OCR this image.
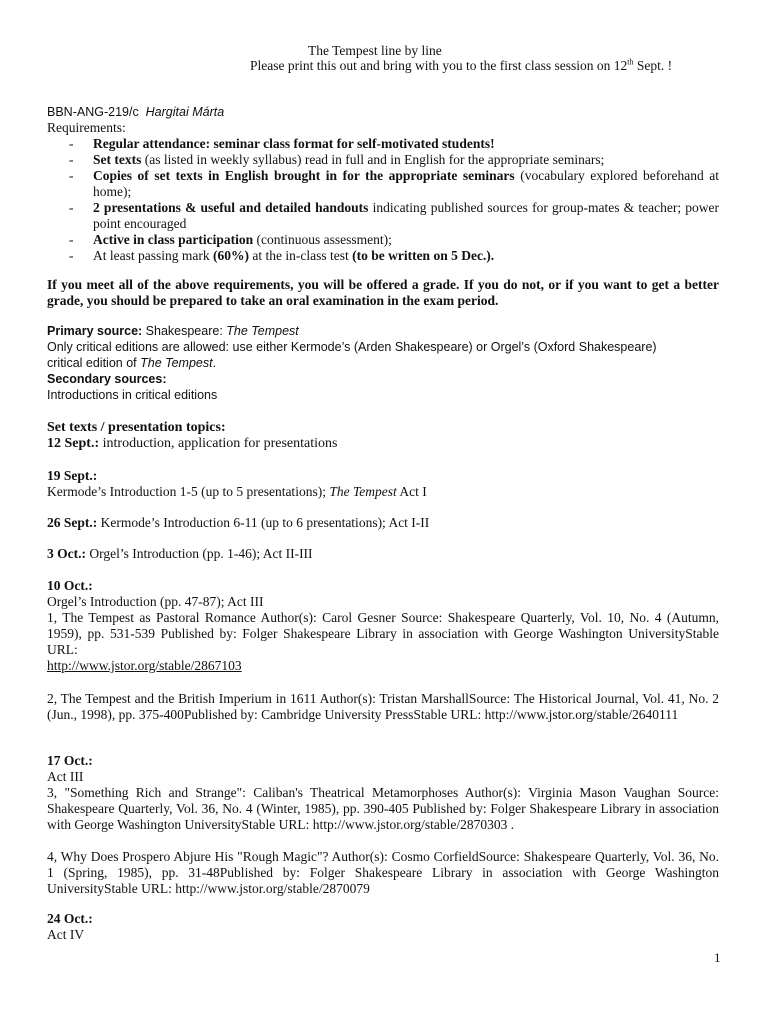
The Tempest line by line
Please print this out and bring with you to the first class session on 12th Sept. !
BBN-ANG-219/c Hargitai Márta

Requirements:

- Regular attendance: seminar class format for self-motivated students!
- Set texts (as listed in weekly syllabus) read in full and in English for the appropriate seminars;
- Copies of set texts in English brought in for the appropriate seminars (vocabulary explored beforehand at home);
- 2 presentations & useful and detailed handouts indicating published sources for group-mates & teacher; power point encouraged
- Active in class participation (continuous assessment);
- At least passing mark (60%) at the in-class test (to be written on 5 Dec.).
If you meet all of the above requirements, you will be offered a grade. If you do not, or if you want to get a better grade, you should be prepared to take an oral examination in the exam period.

Primary source: Shakespeare: The Tempest

Only critical editions are allowed: use either Kermode’s (Arden Shakespeare) or Orgel’s (Oxford Shakespeare)

critical edition of The Tempest.

Secondary sources:

Introductions in critical editions

Set texts / presentation topics:

12 Sept.: introduction, application for presentations

19 Sept.:

Kermode’s Introduction 1-5 (up to 5 presentations); The Tempest Act I

26 Sept.: Kermode’s Introduction 6-11 (up to 6 presentations); Act I-II

3 Oct.: Orgel’s Introduction (pp. 1-46); Act II-III

10 Oct.:

Orgel’s Introduction (pp. 47-87); Act III

1, The Tempest as Pastoral Romance Author(s): Carol Gesner Source: Shakespeare Quarterly, Vol. 10, No. 4 (Autumn, 1959), pp. 531-539 Published by: Folger Shakespeare Library in association with George Washington UniversityStable URL:

http://www.jstor.org/stable/2867103

2, The Tempest and the British Imperium in 1611 Author(s): Tristan MarshallSource: The Historical Journal, Vol. 41, No. 2 (Jun., 1998), pp. 375-400Published by: Cambridge University PressStable URL: http://www.jstor.org/stable/2640111

17 Oct.:

Act III

3, "Something Rich and Strange": Caliban's Theatrical Metamorphoses Author(s): Virginia Mason Vaughan Source: Shakespeare Quarterly, Vol. 36, No. 4 (Winter, 1985), pp. 390-405 Published by: Folger Shakespeare Library in association with George Washington UniversityStable URL: http://www.jstor.org/stable/2870303 .

4, Why Does Prospero Abjure His "Rough Magic"? Author(s): Cosmo CorfieldSource: Shakespeare Quarterly, Vol. 36, No. 1 (Spring, 1985), pp. 31-48Published by: Folger Shakespeare Library in association with George Washington UniversityStable URL: http://www.jstor.org/stable/2870079

24 Oct.:

Act IV

1
